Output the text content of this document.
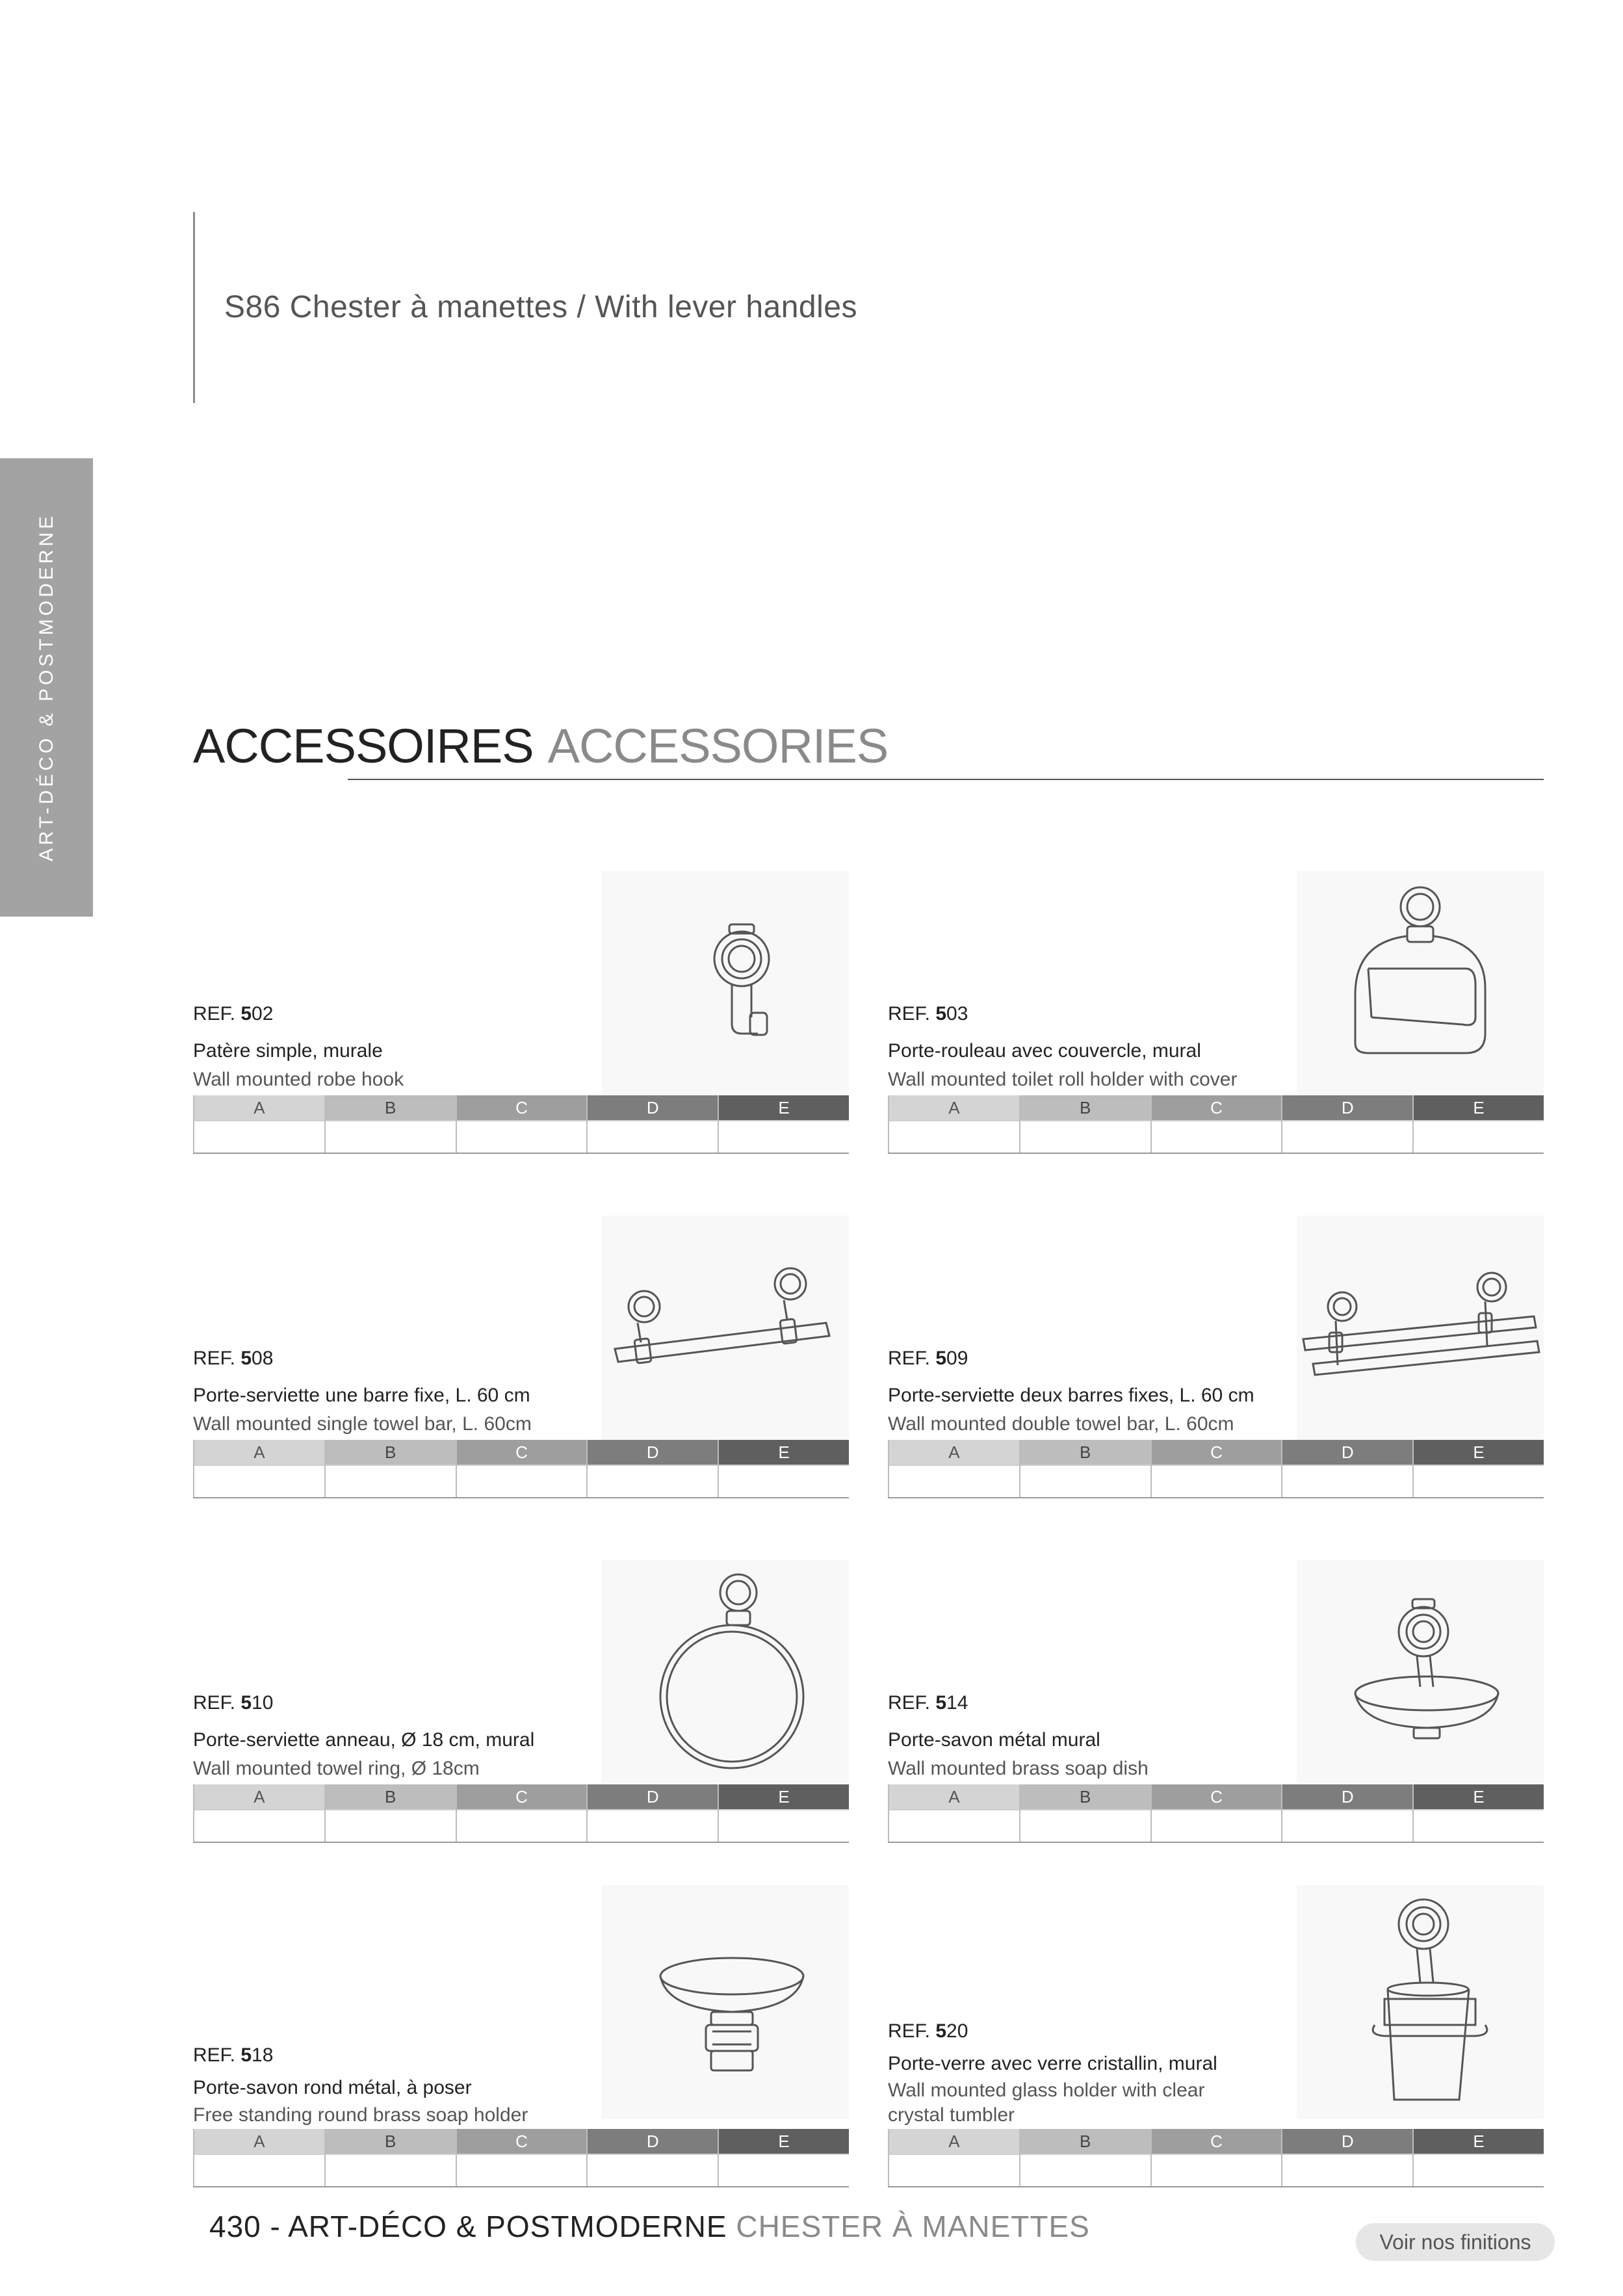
S86 Chester à manettes / With lever handles
ART-DÉCO & POSTMODERNE	ACCESSOIRES ACCESSORIES
REF. 502
Patère simple, murale
Wall mounted robe hook
A	B	C	D	E
REF. 503
Porte-rouleau avec couvercle, mural
Wall mounted toilet roll holder with cover
A	B	C	D	E
REF. 508
Porte-serviette une barre fixe, L. 60 cm
Wall mounted single towel bar, L. 60cm
A	B	C	D	E
REF. 509
Porte-serviette deux barres fixes, L. 60 cm
Wall mounted double towel bar, L. 60cm
A	B	C	D	E
REF. 510
Porte-serviette anneau, Ø 18 cm, mural
Wall mounted towel ring, Ø 18cm
A	B	C	D	E
REF. 514
Porte-savon métal mural
Wall mounted brass soap dish
A	B	C	D	E
REF. 518
Porte-savon rond métal, à poser
Free standing round brass soap holder
A	B	C	D	E
REF. 520
Porte-verre avec verre cristallin, mural
Wall mounted glass holder with clear crystal tumbler
A	B	C	D	E
430 - ART-DÉCO & POSTMODERNE CHESTER À MANETTES	Voir nos finitions
